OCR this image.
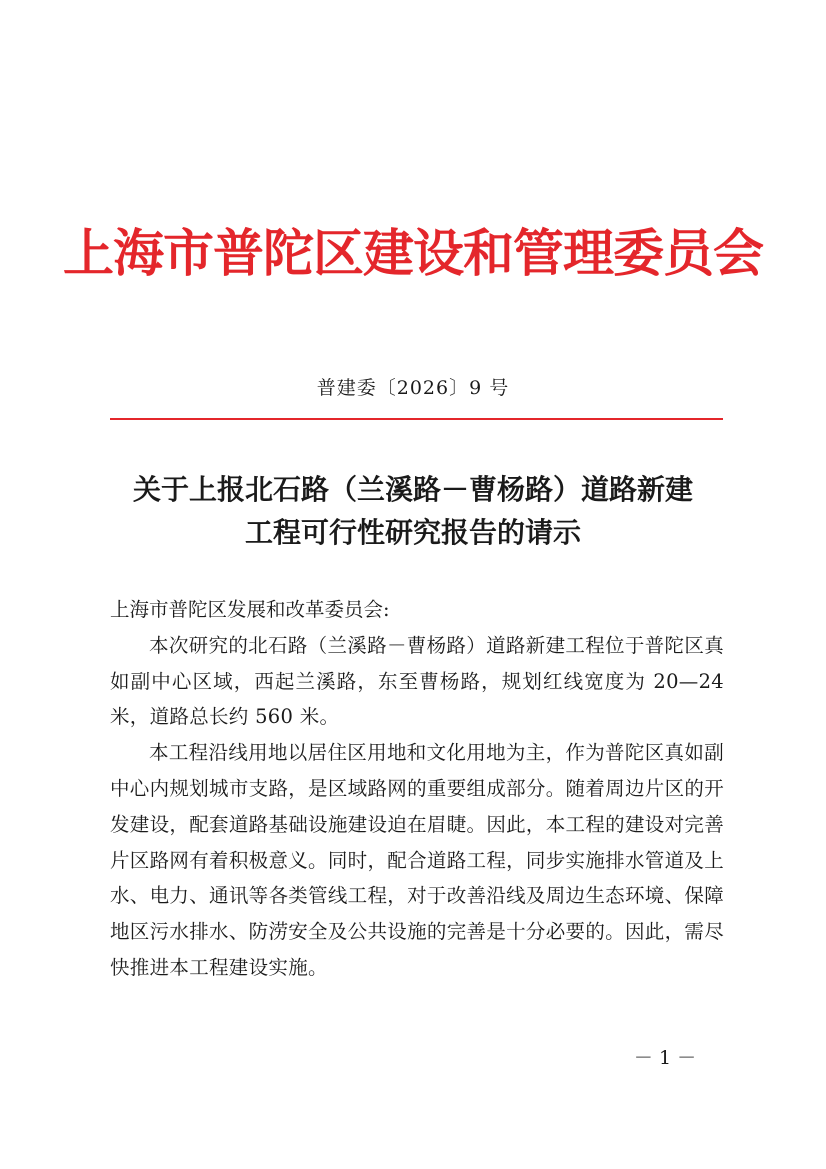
上海市普陀区建设和管理委员会
普建委〔2026〕9 号
关于上报北石路（兰溪路－曹杨路）道路新建
工程可行性研究报告的请示
上海市普陀区发展和改革委员会:

本次研究的北石路（兰溪路－曹杨路）道路新建工程位于普陀区真如副中心区域，西起兰溪路，东至曹杨路，规划红线宽度为 20—24 米，道路总长约 560 米。

本工程沿线用地以居住区用地和文化用地为主，作为普陀区真如副中心内规划城市支路，是区域路网的重要组成部分。随着周边片区的开发建设，配套道路基础设施建设迫在眉睫。因此，本工程的建设对完善片区路网有着积极意义。同时，配合道路工程，同步实施排水管道及上水、电力、通讯等各类管线工程，对于改善沿线及周边生态环境、保障地区污水排水、防涝安全及公共设施的完善是十分必要的。因此，需尽快推进本工程建设实施。

－ 1 －
